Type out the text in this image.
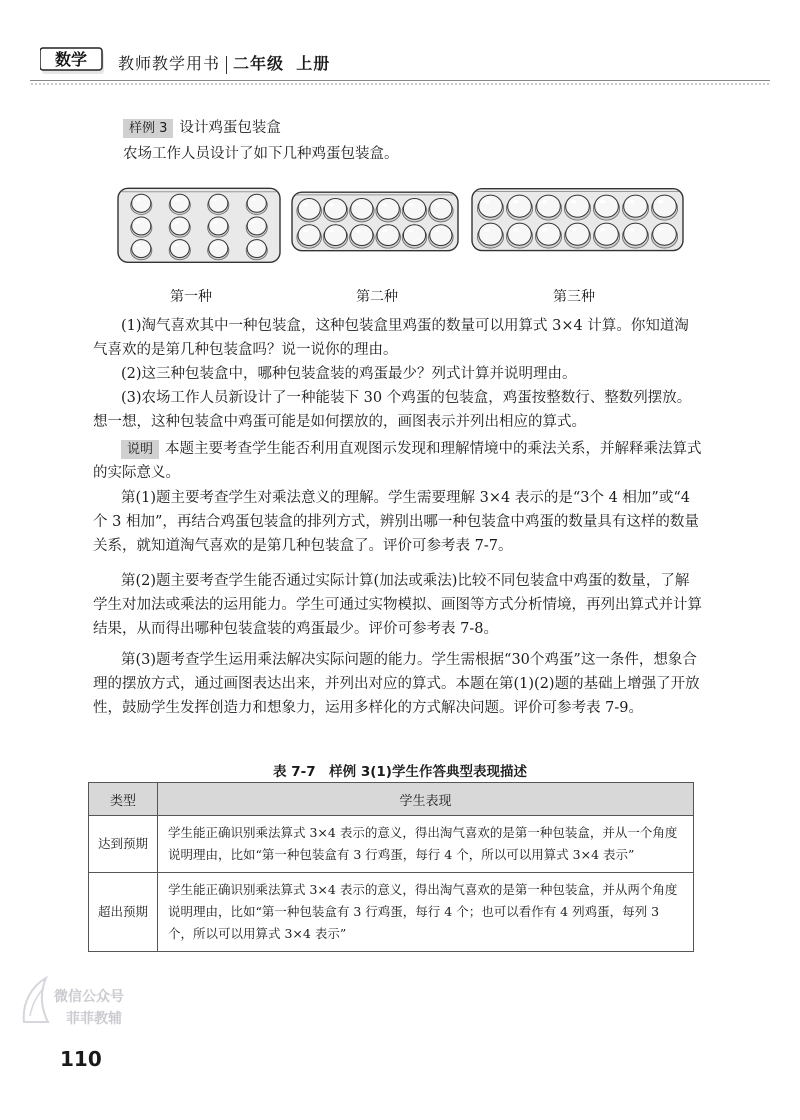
数学 教师教学用书 二年级 上册
样例 3 设计鸡蛋包装盒
农场工作人员设计了如下几种鸡蛋包装盒。
第一种	第二种	第三种
(1)淘气喜欢其中一种包装盒，这种包装盒里鸡蛋的数量可以用算式 3×4 计算。你知道淘气喜欢的是第几种包装盒吗？说一说你的理由。
(2)这三种包装盒中，哪种包装盒装的鸡蛋最少？列式计算并说明理由。
(3)农场工作人员新设计了一种能装下 30 个鸡蛋的包装盒，鸡蛋按整数行、整数列摆放。想一想，这种包装盒中鸡蛋可能是如何摆放的，画图表示并列出相应的算式。
说明 本题主要考查学生能否利用直观图示发现和理解情境中的乘法关系，并解释乘法算式的实际意义。
第(1)题主要考查学生对乘法意义的理解。学生需要理解 3×4 表示的是“3个 4 相加”或“4个 3 相加”，再结合鸡蛋包装盒的排列方式，辨别出哪一种包装盒中鸡蛋的数量具有这样的数量关系，就知道淘气喜欢的是第几种包装盒了。评价可参考表 7-7。
第(2)题主要考查学生能否通过实际计算(加法或乘法)比较不同包装盒中鸡蛋的数量，了解学生对加法或乘法的运用能力。学生可通过实物模拟、画图等方式分析情境，再列出算式并计算结果，从而得出哪种包装盒装的鸡蛋最少。评价可参考表 7-8。
第(3)题考查学生运用乘法解决实际问题的能力。学生需根据“30个鸡蛋”这一条件，想象合理的摆放方式，通过画图表达出来，并列出对应的算式。本题在第(1)(2)题的基础上增强了开放性，鼓励学生发挥创造力和想象力，运用多样化的方式解决问题。评价可参考表 7-9。
表 7-7　样例 3(1)学生作答典型表现描述
类型	学生表现
达到预期	学生能正确识别乘法算式 3×4 表示的意义，得出淘气喜欢的是第一种包装盒，并从一个角度说明理由，比如“第一种包装盒有 3 行鸡蛋，每行 4 个，所以可以用算式 3×4 表示”
超出预期	学生能正确识别乘法算式 3×4 表示的意义，得出淘气喜欢的是第一种包装盒，并从两个角度说明理由，比如“第一种包装盒有 3 行鸡蛋，每行 4 个；也可以看作有 4 列鸡蛋，每列 3 个，所以可以用算式 3×4 表示”
微信公众号
菲菲教辅
110
